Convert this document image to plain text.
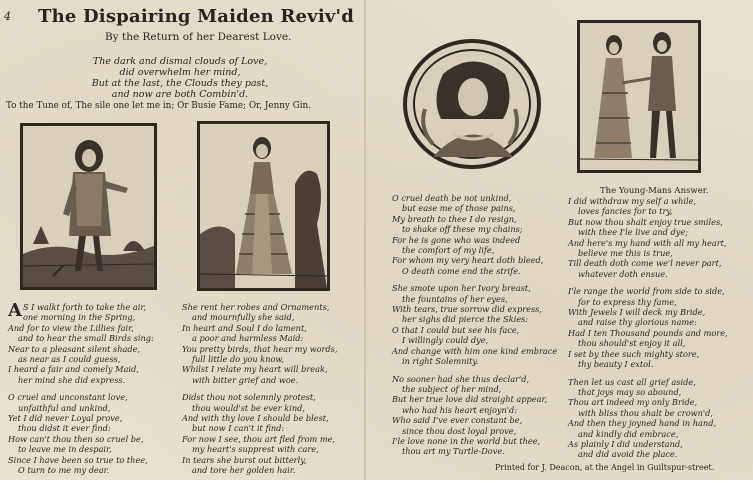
4 The Dispairing Maiden Reviv'd

By the Return of her Dearest Love.

The dark and dismal clouds of Love,
did overwhelm her mind,
But at the last, the Clouds they past,
and now are both Combin'd.

To the Tune of, The sile one let me in; Or Busie Fame; Or, Jenny Gin.

The Young-Mans Answer.

A S I walkt forth to take the air,
one morning in the Spring,
And for to view the Lillies fair,
and to hear the small Birds sing:
Near to a pleasant silent shade,
as near as I could guess,
I heard a fair and comely Maid,
her mind she did express.
O cruel and unconstant love,
unfaithful and unkind,
Yet I did never Loyal prove,
thou didst it ever find:
How can't thou then so cruel be,
to leave me in despair,
Since I have been so true to thee,
O turn to me my dear.
She rent her robes and Ornaments,
and mournfully she said,
In heart and Soul I do lament,
a poor and harmless Maid:
You pretty birds, that hear my words,
full little do you know,
Whilst I relate my heart will break,
with bitter grief and woe.
Didst thou not solemnly protest,
thou would'st be ever kind,
And with thy love I should be blest,
but now I can't it find:
For now I see, thou art fled from me,
my heart's supprest with care,
In tears she burst out bitterly,
and tore her golden hair.
O cruel death be not unkind,
but ease me of those pains,
My breath to thee I do resign,
to shake off these my chains;
For he is gone who was indeed
the comfort of my life,
For whom my very heart doth bleed,
O death come end the strife.
She smote upon her Ivory breast,
the fountains of her eyes,
With tears, true sorrow did express,
her sighs did pierce the Skies:
O that I could but see his face,
I willingly could dye,
And change with him one kind embrace
in right Solemnity.
No sooner had she thus declar'd,
the subject of her mind,
But her true love did straight appear,
who had his heart enjoyn'd:
Who said I've ever constant be,
since thou dost loyal prove,
I'le love none in the world but thee,
thou art my Turtle-Dove.
I did withdraw my self a while,
loves fancies for to try,
But now thou shalt enjoy true smiles,
with thee I'le live and dye;
And here's my hand with all my heart,
believe me this is true,
Till death doth come we'l never part,
whatever doth ensue.
I'le range the world from side to side,
for to express thy fame,
With Jewels I will deck my Bride,
and raise thy glorious name:
Had I ten Thousand pounds and more,
thou should'st enjoy it all,
I set by thee such mighty store,
thy beauty I extol.
Then let us cast all grief aside,
that joys may so abound,
Thou art indeed my only Bride,
with bliss thou shalt be crown'd,
And then they joyned hand in hand,
and kindly did embrace,
As plainly I did understand,
and did avoid the place.

Printed for J. Deacon, at the Angel in Guiltspur-street.
